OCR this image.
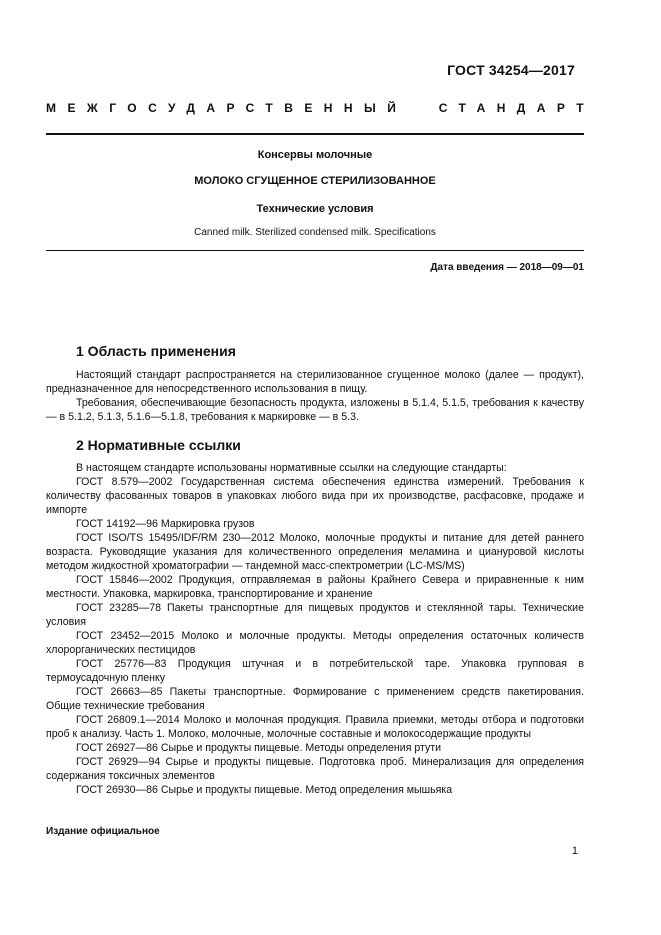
ГОСТ 34254—2017
МЕЖГОСУДАРСТВЕННЫЙ	СТАНДАРТ
Консервы молочные
МОЛОКО СГУЩЕННОЕ СТЕРИЛИЗОВАННОЕ
Технические условия
Canned milk. Sterilized condensed milk. Specifications
Дата введения — 2018—09—01
1 Область применения

Настоящий стандарт распространяется на стерилизованное сгущенное молоко (далее — продукт), предназначенное для непосредственного использования в пищу.

Требования, обеспечивающие безопасность продукта, изложены в 5.1.4, 5.1.5, требования к качеству — в 5.1.2, 5.1.3, 5.1.6—5.1.8, требования к маркировке — в 5.3.

2 Нормативные ссылки

В настоящем стандарте использованы нормативные ссылки на следующие стандарты:

ГОСТ 8.579—2002 Государственная система обеспечения единства измерений. Требования к количеству фасованных товаров в упаковках любого вида при их производстве, расфасовке, продаже и импорте

ГОСТ 14192—96 Маркировка грузов

ГОСТ ISO/TS 15495/IDF/RM 230—2012 Молоко, молочные продукты и питание для детей раннего возраста. Руководящие указания для количественного определения меламина и циануровой кислоты методом жидкостной хроматографии — тандемной масс-спектрометрии (LC-MS/MS)

ГОСТ 15846—2002 Продукция, отправляемая в районы Крайнего Севера и приравненные к ним местности. Упаковка, маркировка, транспортирование и хранение

ГОСТ 23285—78 Пакеты транспортные для пищевых продуктов и стеклянной тары. Технические условия

ГОСТ 23452—2015 Молоко и молочные продукты. Методы определения остаточных количеств хлорорганических пестицидов

ГОСТ 25776—83 Продукция штучная и в потребительской таре. Упаковка групповая в термоусадочную пленку

ГОСТ 26663—85 Пакеты транспортные. Формирование с применением средств пакетирования. Общие технические требования

ГОСТ 26809.1—2014 Молоко и молочная продукция. Правила приемки, методы отбора и подготовки проб к анализу. Часть 1. Молоко, молочные, молочные составные и молокосодержащие продукты

ГОСТ 26927—86 Сырье и продукты пищевые. Методы определения ртути

ГОСТ 26929—94 Сырье и продукты пищевые. Подготовка проб. Минерализация для определения содержания токсичных элементов

ГОСТ 26930—86 Сырье и продукты пищевые. Метод определения мышьяка

Издание официальное
1
